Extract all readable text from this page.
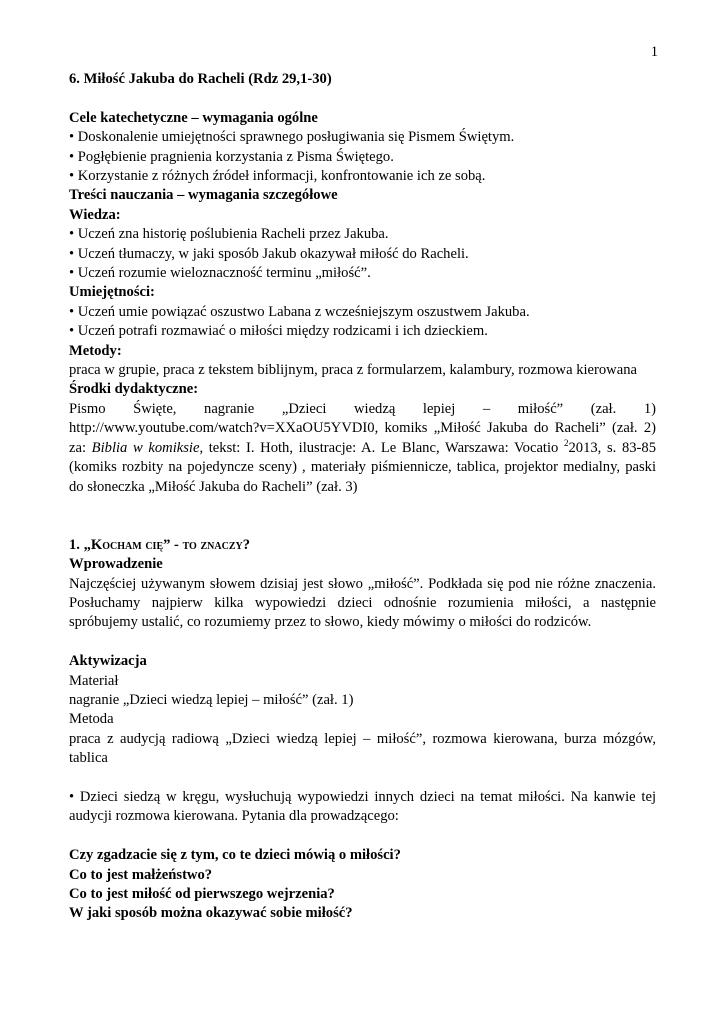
1

6. Miłość Jakuba do Racheli (Rdz 29,1-30)

Cele katechetyczne – wymagania ogólne

• Doskonalenie umiejętności sprawnego posługiwania się Pismem Świętym.

• Pogłębienie pragnienia korzystania z Pisma Świętego.

• Korzystanie z różnych źródeł informacji, konfrontowanie ich ze sobą.

Treści nauczania – wymagania szczegółowe

Wiedza:

• Uczeń zna historię poślubienia Racheli przez Jakuba.

• Uczeń tłumaczy, w jaki sposób Jakub okazywał miłość do Racheli.

• Uczeń rozumie wieloznaczność terminu „miłość”.

Umiejętności:

• Uczeń umie powiązać oszustwo Labana z wcześniejszym oszustwem Jakuba.

• Uczeń potrafi rozmawiać o miłości między rodzicami i ich dzieckiem.

Metody:

praca w grupie, praca z tekstem biblijnym, praca z formularzem, kalambury, rozmowa kierowana

Środki dydaktyczne:

Pismo Święte, nagranie „Dzieci wiedzą lepiej – miłość” (zał. 1)

http://www.youtube.com/watch?v=XXaOU5YVDI0, komiks „Miłość Jakuba do Racheli” (zał. 2)

za: Biblia w komiksie, tekst: I. Hoth, ilustracje: A. Le Blanc, Warszawa: Vocatio $^2$2013, s. 83-85

(komiks rozbity na pojedyncze sceny) , materiały piśmiennicze, tablica, projektor medialny, paski

do słoneczka „Miłość Jakuba do Racheli” (zał. 3)

1. „Kocham cię” - to znaczy?

Wprowadzenie

Najczęściej używanym słowem dzisiaj jest słowo „miłość”. Podkłada się pod nie różne znaczenia. Posłuchamy najpierw kilka wypowiedzi dzieci odnośnie rozumienia miłości, a następnie spróbujemy ustalić, co rozumiemy przez to słowo, kiedy mówimy o miłości do rodziców.

Aktywizacja

Materiał

nagranie „Dzieci wiedzą lepiej – miłość” (zał. 1)

Metoda

praca z audycją radiową „Dzieci wiedzą lepiej – miłość”, rozmowa kierowana, burza mózgów, tablica

• Dzieci siedzą w kręgu, wysłuchują wypowiedzi innych dzieci na temat miłości. Na kanwie tej audycji rozmowa kierowana. Pytania dla prowadzącego:

Czy zgadzacie się z tym, co te dzieci mówią o miłości?

Co to jest małżeństwo?

Co to jest miłość od pierwszego wejrzenia?

W jaki sposób można okazywać sobie miłość?
